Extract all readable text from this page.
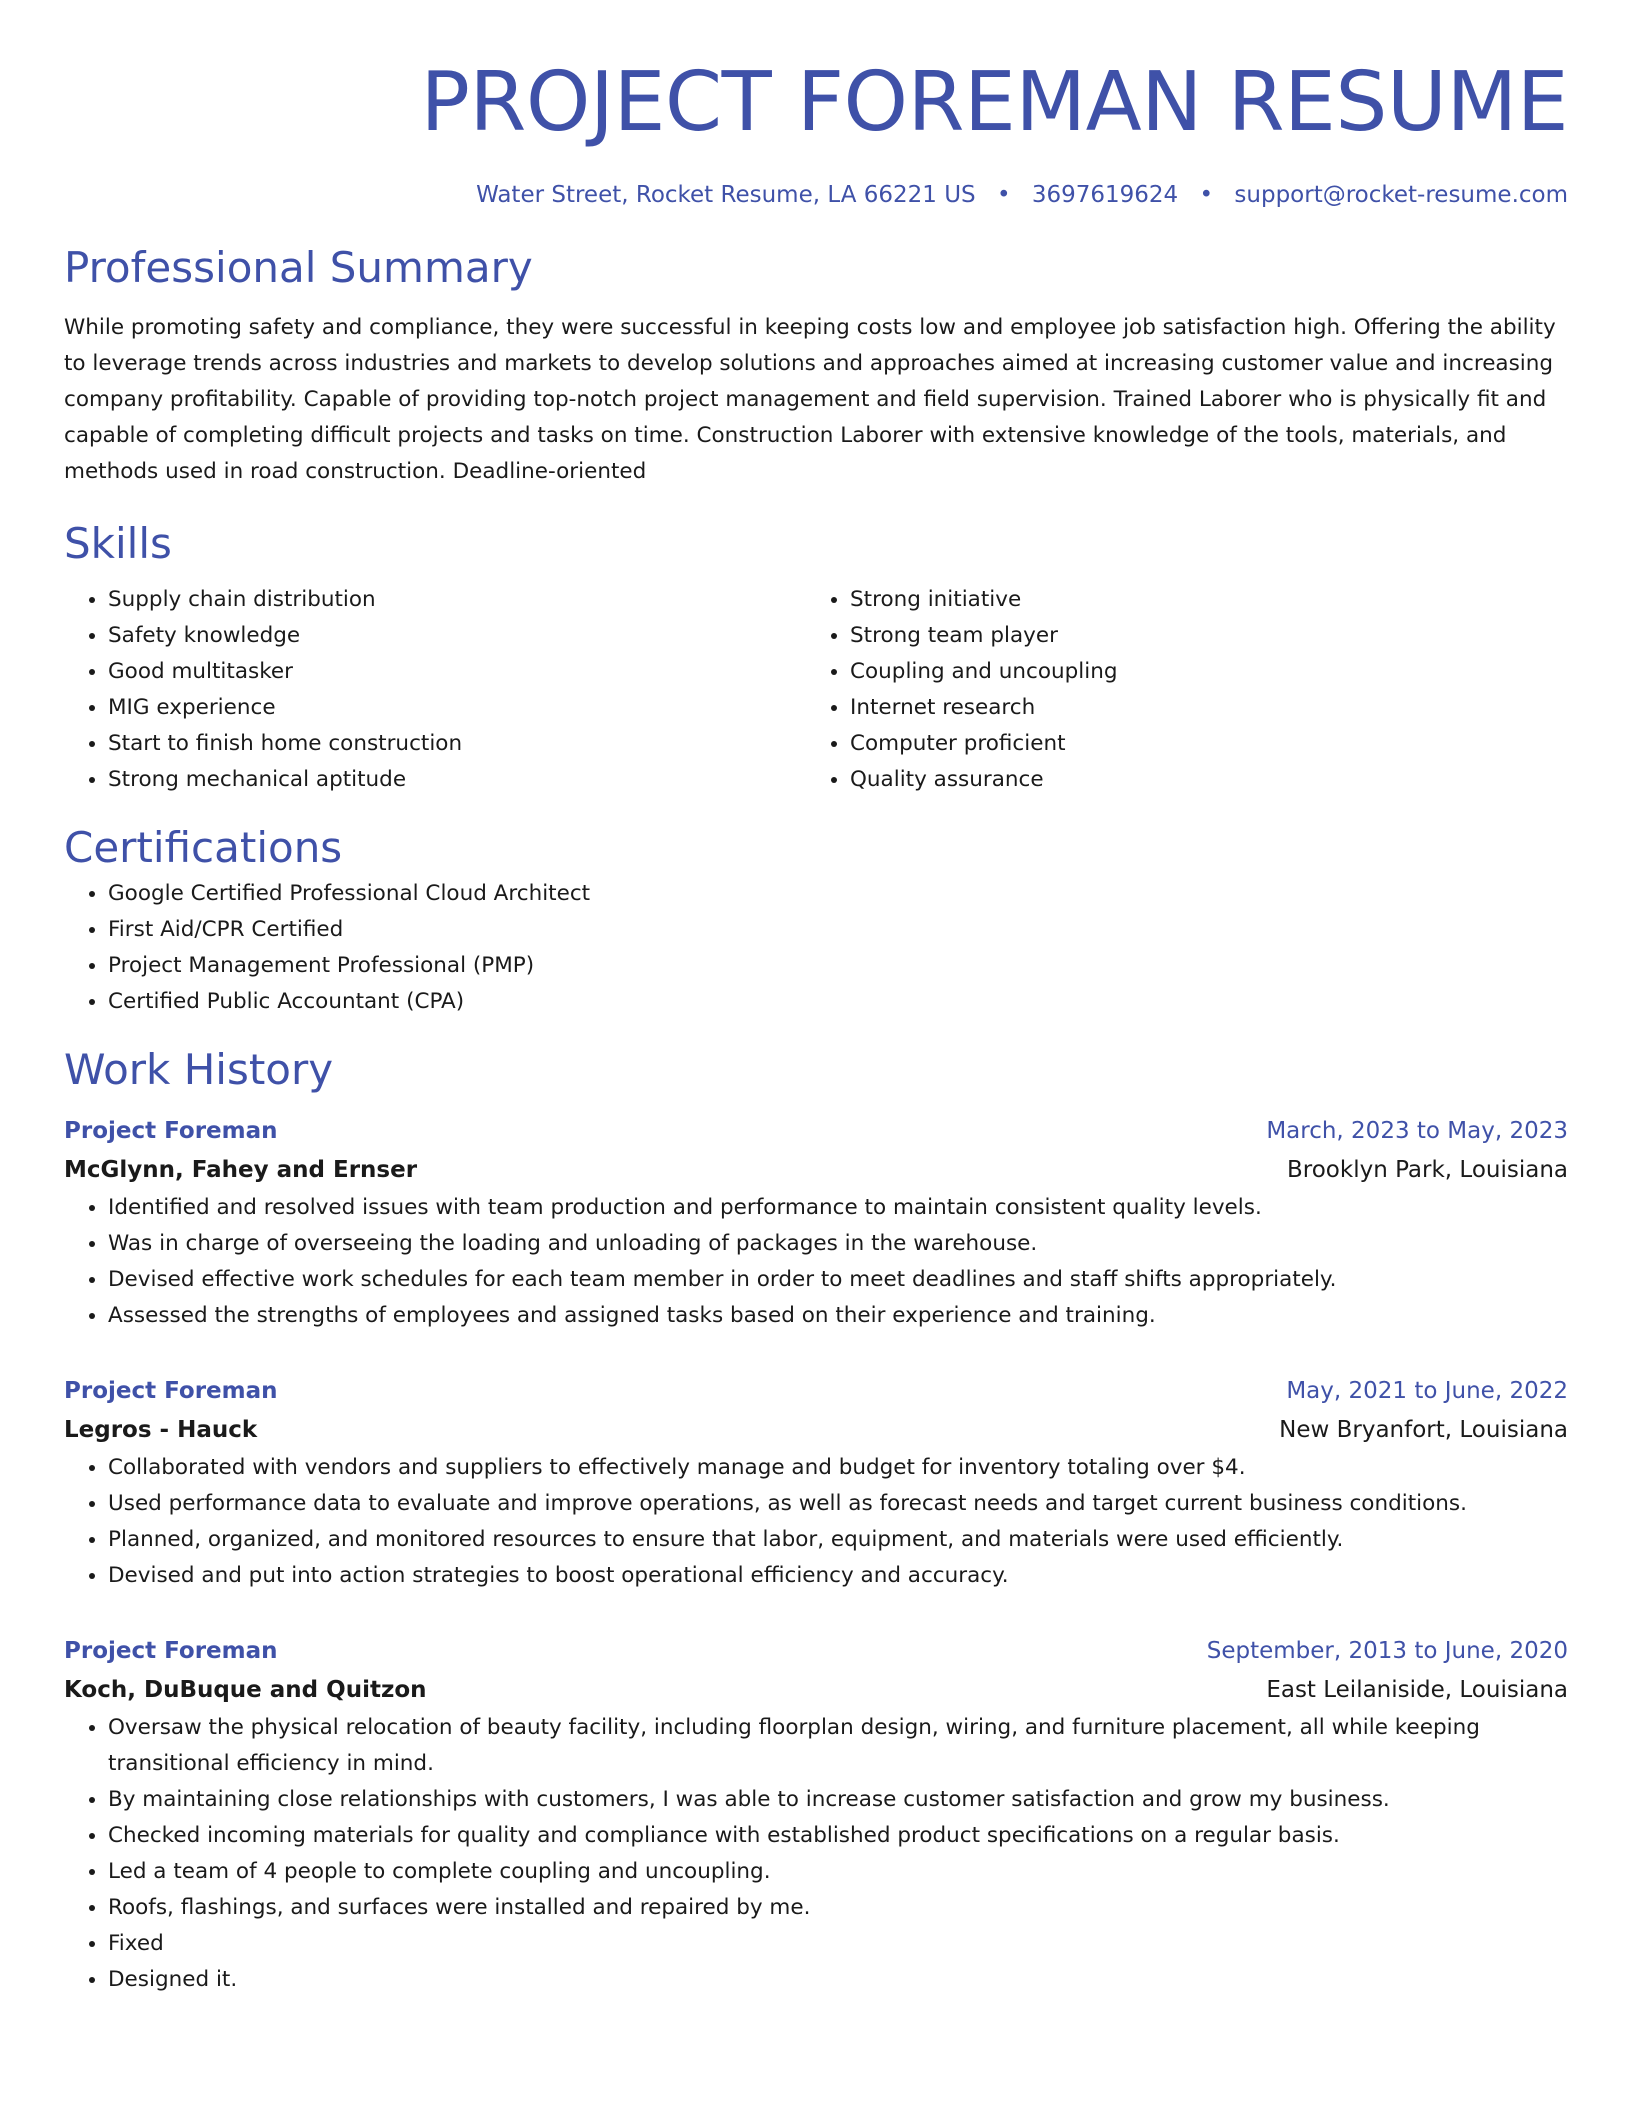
PROJECT FOREMAN RESUME
Water Street, Rocket Resume, LA 66221 US • 3697619624 • support@rocket-resume.com
Professional Summary
While promoting safety and compliance, they were successful in keeping costs low and employee job satisfaction high. Offering the ability to leverage trends across industries and markets to develop solutions and approaches aimed at increasing customer value and increasing company profitability. Capable of providing top-notch project management and field supervision. Trained Laborer who is physically fit and capable of completing difficult projects and tasks on time. Construction Laborer with extensive knowledge of the tools, materials, and methods used in road construction. Deadline-oriented
Skills
• Supply chain distribution
• Safety knowledge
• Good multitasker
• MIG experience
• Start to finish home construction
• Strong mechanical aptitude
• Strong initiative
• Strong team player
• Coupling and uncoupling
• Internet research
• Computer proficient
• Quality assurance
Certifications
• Google Certified Professional Cloud Architect
• First Aid/CPR Certified
• Project Management Professional (PMP)
• Certified Public Accountant (CPA)
Work History
Project Foreman	March, 2023 to May, 2023
McGlynn, Fahey and Ernser	Brooklyn Park, Louisiana
• Identified and resolved issues with team production and performance to maintain consistent quality levels.
• Was in charge of overseeing the loading and unloading of packages in the warehouse.
• Devised effective work schedules for each team member in order to meet deadlines and staff shifts appropriately.
• Assessed the strengths of employees and assigned tasks based on their experience and training.
Project Foreman	May, 2021 to June, 2022
Legros - Hauck	New Bryanfort, Louisiana
• Collaborated with vendors and suppliers to effectively manage and budget for inventory totaling over $4.
• Used performance data to evaluate and improve operations, as well as forecast needs and target current business conditions.
• Planned, organized, and monitored resources to ensure that labor, equipment, and materials were used efficiently.
• Devised and put into action strategies to boost operational efficiency and accuracy.
Project Foreman	September, 2013 to June, 2020
Koch, DuBuque and Quitzon	East Leilaniside, Louisiana
• Oversaw the physical relocation of beauty facility, including floorplan design, wiring, and furniture placement, all while keeping transitional efficiency in mind.
• By maintaining close relationships with customers, I was able to increase customer satisfaction and grow my business.
• Checked incoming materials for quality and compliance with established product specifications on a regular basis.
• Led a team of 4 people to complete coupling and uncoupling.
• Roofs, flashings, and surfaces were installed and repaired by me.
• Fixed
• Designed it.
